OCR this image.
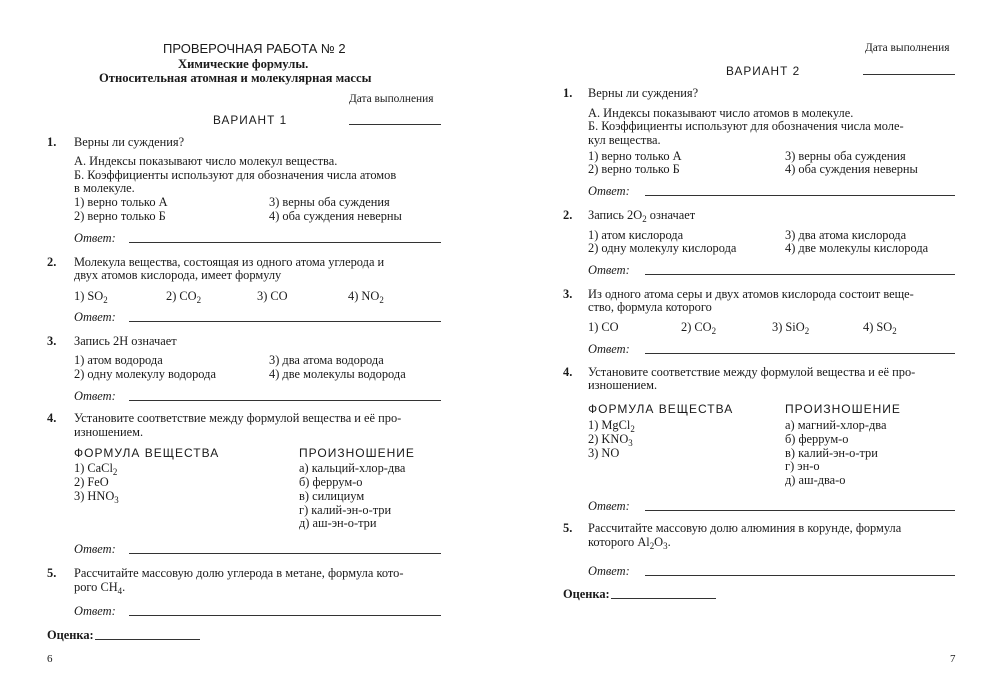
ПРОВЕРОЧНАЯ РАБОТА № 2
Химические формулы.
Относительная атомная и молекулярная массы
Дата выполнения
ВАРИАНТ 1
1. Верны ли суждения?
А. Индексы показывают число молекул вещества.
Б. Коэффициенты используют для обозначения числа атомов
в молекуле.
1) верно только А
2) верно только Б
3) верны оба суждения
4) оба суждения неверны
Ответ:
2. Молекула вещества, состоящая из одного атома углерода и
двух атомов кислорода, имеет формулу
1) $SO_2$	2) $CO_2$	3) CO	4) $NO_2$
Ответ:
3. Запись 2H означает
1) атом водорода
2) одну молекулу водорода
3) два атома водорода
4) две молекулы водорода
Ответ:
4. Установите соответствие между формулой вещества и её про-
изношением.
ФОРМУЛА ВЕЩЕСТВА	ПРОИЗНОШЕНИЕ
1) CaCl$_2$
2) FeO
3) $HNO_3$
а) кальций-хлор-два
б) феррум-о
в) силициум
г) калий-эн-о-три
д) аш-эн-о-три
Ответ:
5. Рассчитайте массовую долю углерода в метане, формула кото-
рого $CH_4$.
Ответ:
Оценка:
6
Дата выполнения
ВАРИАНТ 2
1. Верны ли суждения?
А. Индексы показывают число атомов в молекуле.
Б. Коэффициенты используют для обозначения числа моле-
кул вещества.
1) верно только А
2) верно только Б
3) верны оба суждения
4) оба суждения неверны
Ответ:
2. Запись $2O_2$ означает
1) атом кислорода
2) одну молекулу кислорода
3) два атома кислорода
4) две молекулы кислорода
Ответ:
3. Из одного атома серы и двух атомов кислорода состоит веще-
ство, формула которого
1) CO	2) $CO_2$	3) SiO$_2$	4) $SO_2$
Ответ:
4. Установите соответствие между формулой вещества и её про-
изношением.
ФОРМУЛА ВЕЩЕСТВА	ПРОИЗНОШЕНИЕ
1) MgCl$_2$
2) $KNO_3$
3) NO
а) магний-хлор-два
б) феррум-о
в) калий-эн-о-три
г) эн-о
д) аш-два-о
Ответ:
5. Рассчитайте массовую долю алюминия в корунде, формула
которого $Al_2O_3$.
Ответ:
Оценка:
7
